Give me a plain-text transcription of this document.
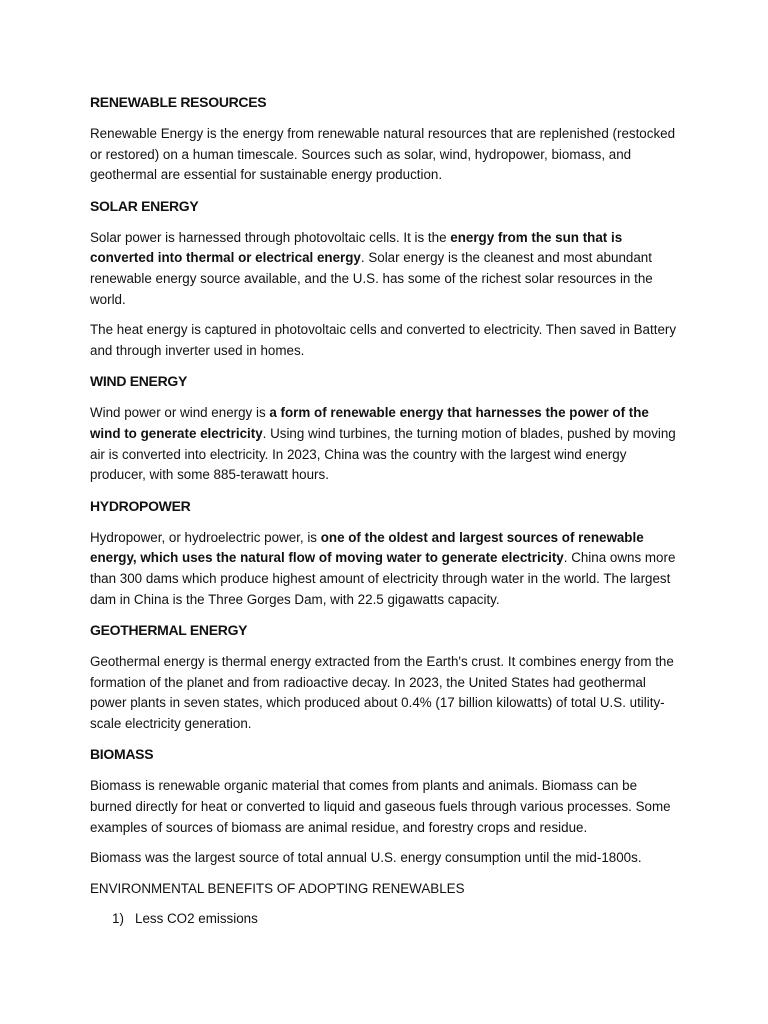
RENEWABLE RESOURCES

Renewable Energy is the energy from renewable natural resources that are replenished (restocked or restored) on a human timescale. Sources such as solar, wind, hydropower, biomass, and geothermal are essential for sustainable energy production.

SOLAR ENERGY

Solar power is harnessed through photovoltaic cells. It is the energy from the sun that is converted into thermal or electrical energy. Solar energy is the cleanest and most abundant renewable energy source available, and the U.S. has some of the richest solar resources in the world.

The heat energy is captured in photovoltaic cells and converted to electricity. Then saved in Battery and through inverter used in homes.

WIND ENERGY

Wind power or wind energy is a form of renewable energy that harnesses the power of the wind to generate electricity. Using wind turbines, the turning motion of blades, pushed by moving air is converted into electricity. In 2023, China was the country with the largest wind energy producer, with some 885-terawatt hours.

HYDROPOWER

Hydropower, or hydroelectric power, is one of the oldest and largest sources of renewable energy, which uses the natural flow of moving water to generate electricity. China owns more than 300 dams which produce highest amount of electricity through water in the world. The largest dam in China is the Three Gorges Dam, with 22.5 gigawatts capacity.

GEOTHERMAL ENERGY

Geothermal energy is thermal energy extracted from the Earth's crust. It combines energy from the formation of the planet and from radioactive decay. In 2023, the United States had geothermal power plants in seven states, which produced about 0.4% (17 billion kilowatts) of total U.S. utility-scale electricity generation.

BIOMASS

Biomass is renewable organic material that comes from plants and animals. Biomass can be burned directly for heat or converted to liquid and gaseous fuels through various processes. Some examples of sources of biomass are animal residue, and forestry crops and residue.

Biomass was the largest source of total annual U.S. energy consumption until the mid-1800s.

ENVIRONMENTAL BENEFITS OF ADOPTING RENEWABLES
1) Less CO2 emissions
